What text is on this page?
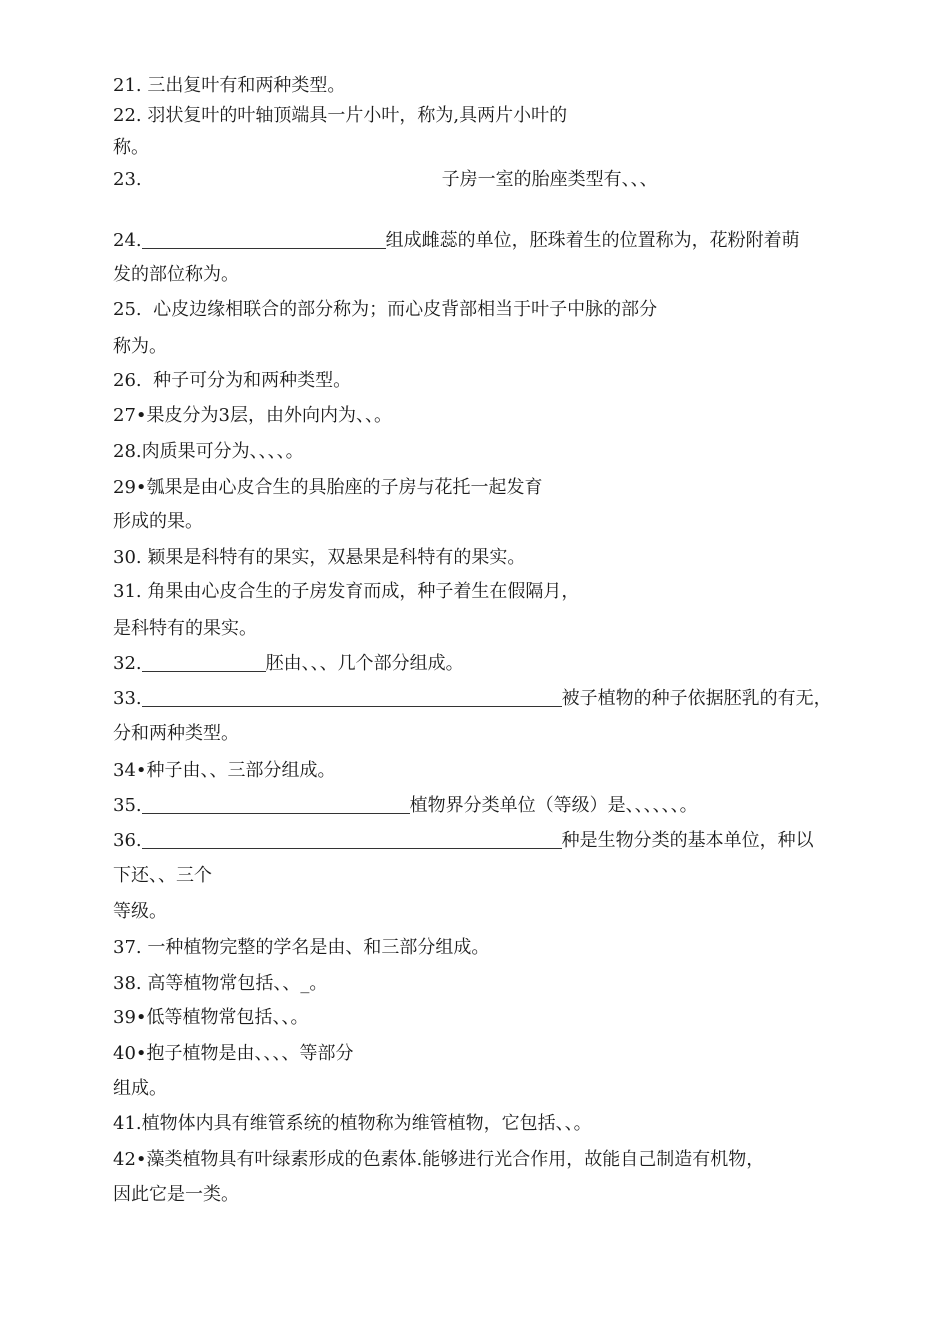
21. 三出复叶有和两种类型。
22. 羽状复叶的叶轴顶端具一片小叶，称为,具两片小叶的
称。
23.	子房一室的胎座类型有、、、
24.	组成雌蕊的单位，胚珠着生的位置称为，花粉附着萌
发的部位称为。
25.  心皮边缘相联合的部分称为；而心皮背部相当于叶子中脉的部分
称为。
26.  种子可分为和两种类型。
27•果皮分为3层，由外向内为、、。
28.肉质果可分为、、、、。
29•瓠果是由心皮合生的具胎座的子房与花托一起发育
形成的果。
30. 颖果是科特有的果实，双悬果是科特有的果实。
31. 角果由心皮合生的子房发育而成，种子着生在假隔月，
是科特有的果实。
32.	胚由、、、几个部分组成。
33.	被子植物的种子依据胚乳的有无，
分和两种类型。
34•种子由、、三部分组成。
35.	植物界分类单位（等级）是、、、、、、。
36.	种是生物分类的基本单位，种以
下还、、三个
等级。
37. 一种植物完整的学名是由、和三部分组成。
38. 高等植物常包括、、_。
39•低等植物常包括、、。
40•抱子植物是由、、、、等部分
组成。
41.植物体内具有维管系统的植物称为维管植物，它包括、、。
42•藻类植物具有叶绿素形成的色素体.能够进行光合作用，故能自己制造有机物，
因此它是一类。
